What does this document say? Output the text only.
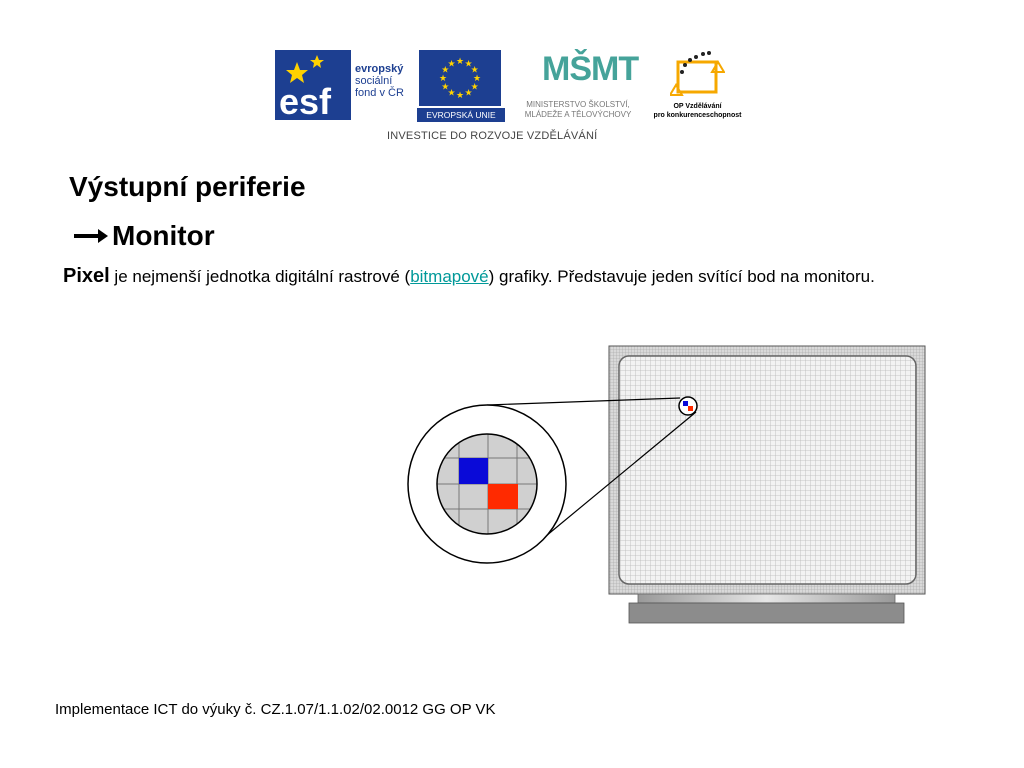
esf
evropský
sociální
fond v ČR
★
★
★
★
★
★
★
★
★ ★ ★
★
EVROPSKÁ UNIE
MŠMT
MINISTERSTVO ŠKOLSTVÍ,
MLÁDEŽE A TĚLOVÝCHOVY
OP Vzdělávání
pro konkurenceschopnost
INVESTICE DO ROZVOJE VZDĚLÁVÁNÍ
Výstupní periferie
Monitor
Pixel je nejmenší jednotka digitální rastrové (bitmapové) grafiky. Představuje jeden svítící bod na monitoru.
Implementace ICT do výuky č. CZ.1.07/1.1.02/02.0012 GG OP VK
